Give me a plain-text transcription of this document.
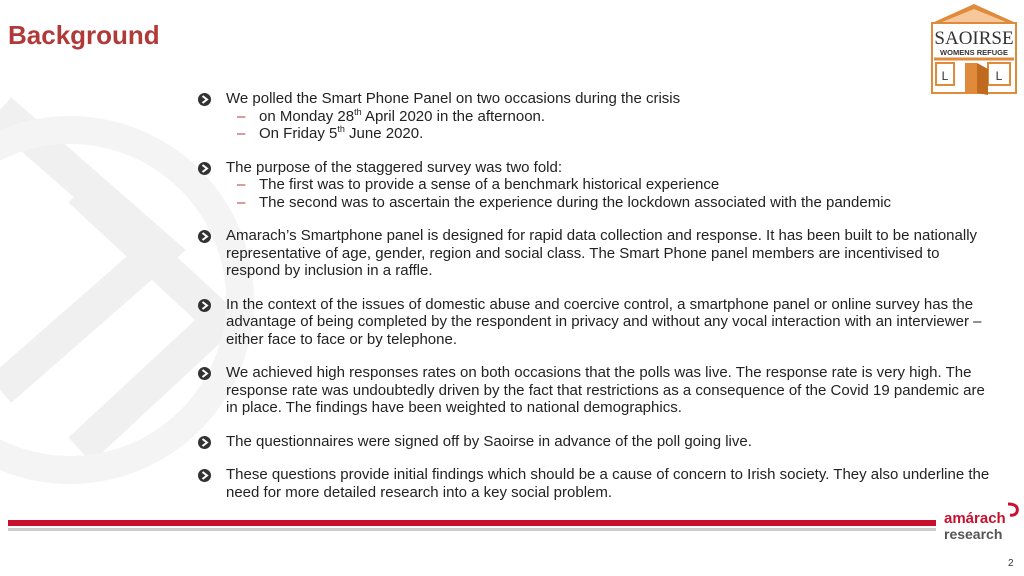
Background	SAOIRSE
WOMENS REFUGE
L	L
We polled the Smart Phone Panel on two occasions during the crisis
– on Monday 28th April 2020 in the afternoon.
– On Friday 5th June 2020.
The purpose of the staggered survey was two fold:
– The first was to provide a sense of a benchmark historical experience
– The second was to ascertain the experience during the lockdown associated with the pandemic
Amarach’s Smartphone panel is designed for rapid data collection and response. It has been built to be nationally representative of age, gender, region and social class. The Smart Phone panel members are incentivised to respond by inclusion in a raffle.
In the context of the issues of domestic abuse and coercive control, a smartphone panel or online survey has the advantage of being completed by the respondent in privacy and without any vocal interaction with an interviewer – either face to face or by telephone.
We achieved high responses rates on both occasions that the polls was live. The response rate is very high. The response rate was undoubtedly driven by the fact that restrictions as a consequence of the Covid 19 pandemic are in place. The findings have been weighted to national demographics.
The questionnaires were signed off by Saoirse in advance of the poll going live.
These questions provide initial findings which should be a cause of concern to Irish society. They also underline the need for more detailed research into a key social problem.
amárach
research
2
